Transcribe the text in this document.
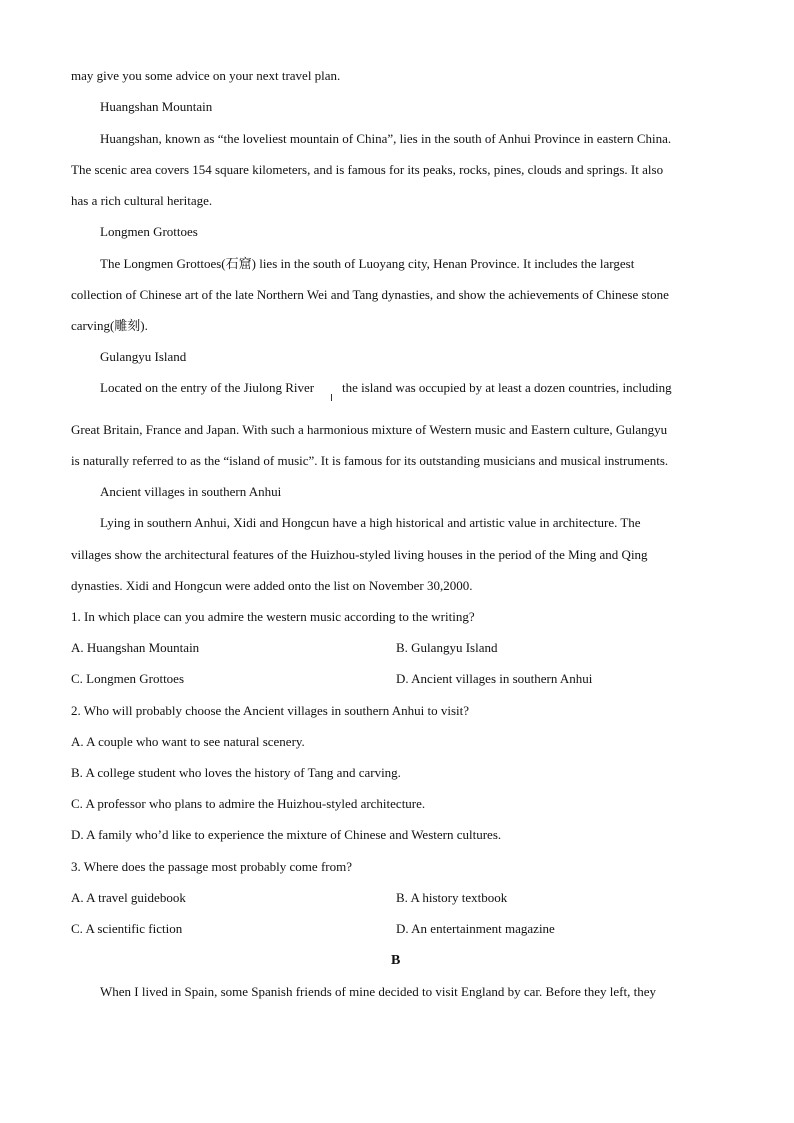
may give you some advice on your next travel plan.
Huangshan Mountain
Huangshan, known as “the loveliest mountain of China”, lies in the south of Anhui Province in eastern China.
The scenic area covers 154 square kilometers, and is famous for its peaks, rocks, pines, clouds and springs. It also
has a rich cultural heritage.
Longmen Grottoes
The Longmen Grottoes(石窟) lies in the south of Luoyang city, Henan Province. It includes the largest
collection of Chinese art of the late Northern Wei and Tang dynasties, and show the achievements of Chinese stone
carving(雕刻).
Gulangyu Island
Located on the entry of the Jiulong River the island was occupied by at least a dozen countries, including
Great Britain, France and Japan. With such a harmonious mixture of Western music and Eastern culture, Gulangyu
is naturally referred to as the “island of music”. It is famous for its outstanding musicians and musical instruments.
Ancient villages in southern Anhui
Lying in southern Anhui, Xidi and Hongcun have a high historical and artistic value in architecture. The
villages show the architectural features of the Huizhou-styled living houses in the period of the Ming and Qing
dynasties. Xidi and Hongcun were added onto the list on November 30,2000.
1. In which place can you admire the western music according to the writing?
A. Huangshan Mountain	B. Gulangyu Island
C. Longmen Grottoes	D. Ancient villages in southern Anhui
2. Who will probably choose the Ancient villages in southern Anhui to visit?
A. A couple who want to see natural scenery.
B. A college student who loves the history of Tang and carving.
C. A professor who plans to admire the Huizhou-styled architecture.
D. A family who’d like to experience the mixture of Chinese and Western cultures.
3. Where does the passage most probably come from?
A. A travel guidebook	B. A history textbook
C. A scientific fiction	D. An entertainment magazine
B
When I lived in Spain, some Spanish friends of mine decided to visit England by car. Before they left, they
